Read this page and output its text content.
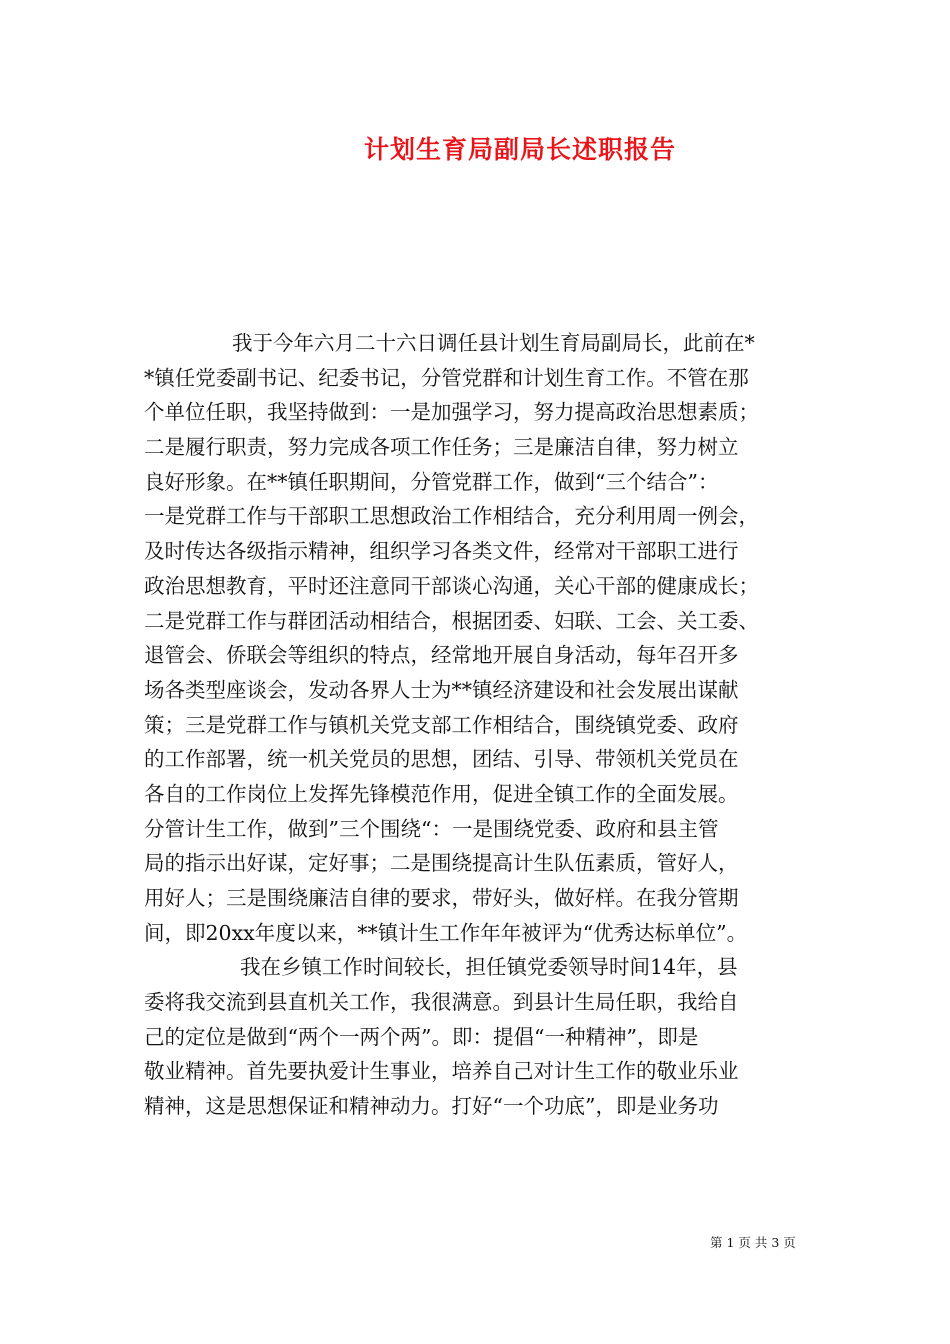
计划生育局副局长述职报告
我于今年六月二十六日调任县计划生育局副局长，此前在*
*镇任党委副书记、纪委书记，分管党群和计划生育工作。不管在那
个单位任职，我坚持做到：一是加强学习，努力提高政治思想素质；
二是履行职责，努力完成各项工作任务；三是廉洁自律，努力树立
良好形象。在**镇任职期间，分管党群工作，做到“三个结合”：
一是党群工作与干部职工思想政治工作相结合，充分利用周一例会，
及时传达各级指示精神，组织学习各类文件，经常对干部职工进行
政治思想教育，平时还注意同干部谈心沟通，关心干部的健康成长；
二是党群工作与群团活动相结合，根据团委、妇联、工会、关工委、
退管会、侨联会等组织的特点，经常地开展自身活动，每年召开多
场各类型座谈会，发动各界人士为**镇经济建设和社会发展出谋献
策；三是党群工作与镇机关党支部工作相结合，围绕镇党委、政府
的工作部署，统一机关党员的思想，团结、引导、带领机关党员在
各自的工作岗位上发挥先锋模范作用，促进全镇工作的全面发展。
分管计生工作，做到”三个围绕“：一是围绕党委、政府和县主管
局的指示出好谋，定好事；二是围绕提高计生队伍素质，管好人，
用好人；三是围绕廉洁自律的要求，带好头，做好样。在我分管期
间，即20xx年度以来，**镇计生工作年年被评为“优秀达标单位”。
我在乡镇工作时间较长，担任镇党委领导时间14年，县
委将我交流到县直机关工作，我很满意。到县计生局任职，我给自
己的定位是做到“两个一两个两”。即：提倡“一种精神”，即是
敬业精神。首先要执爱计生事业，培养自己对计生工作的敬业乐业
精神，这是思想保证和精神动力。打好“一个功底”，即是业务功
第 1 页 共 3 页
